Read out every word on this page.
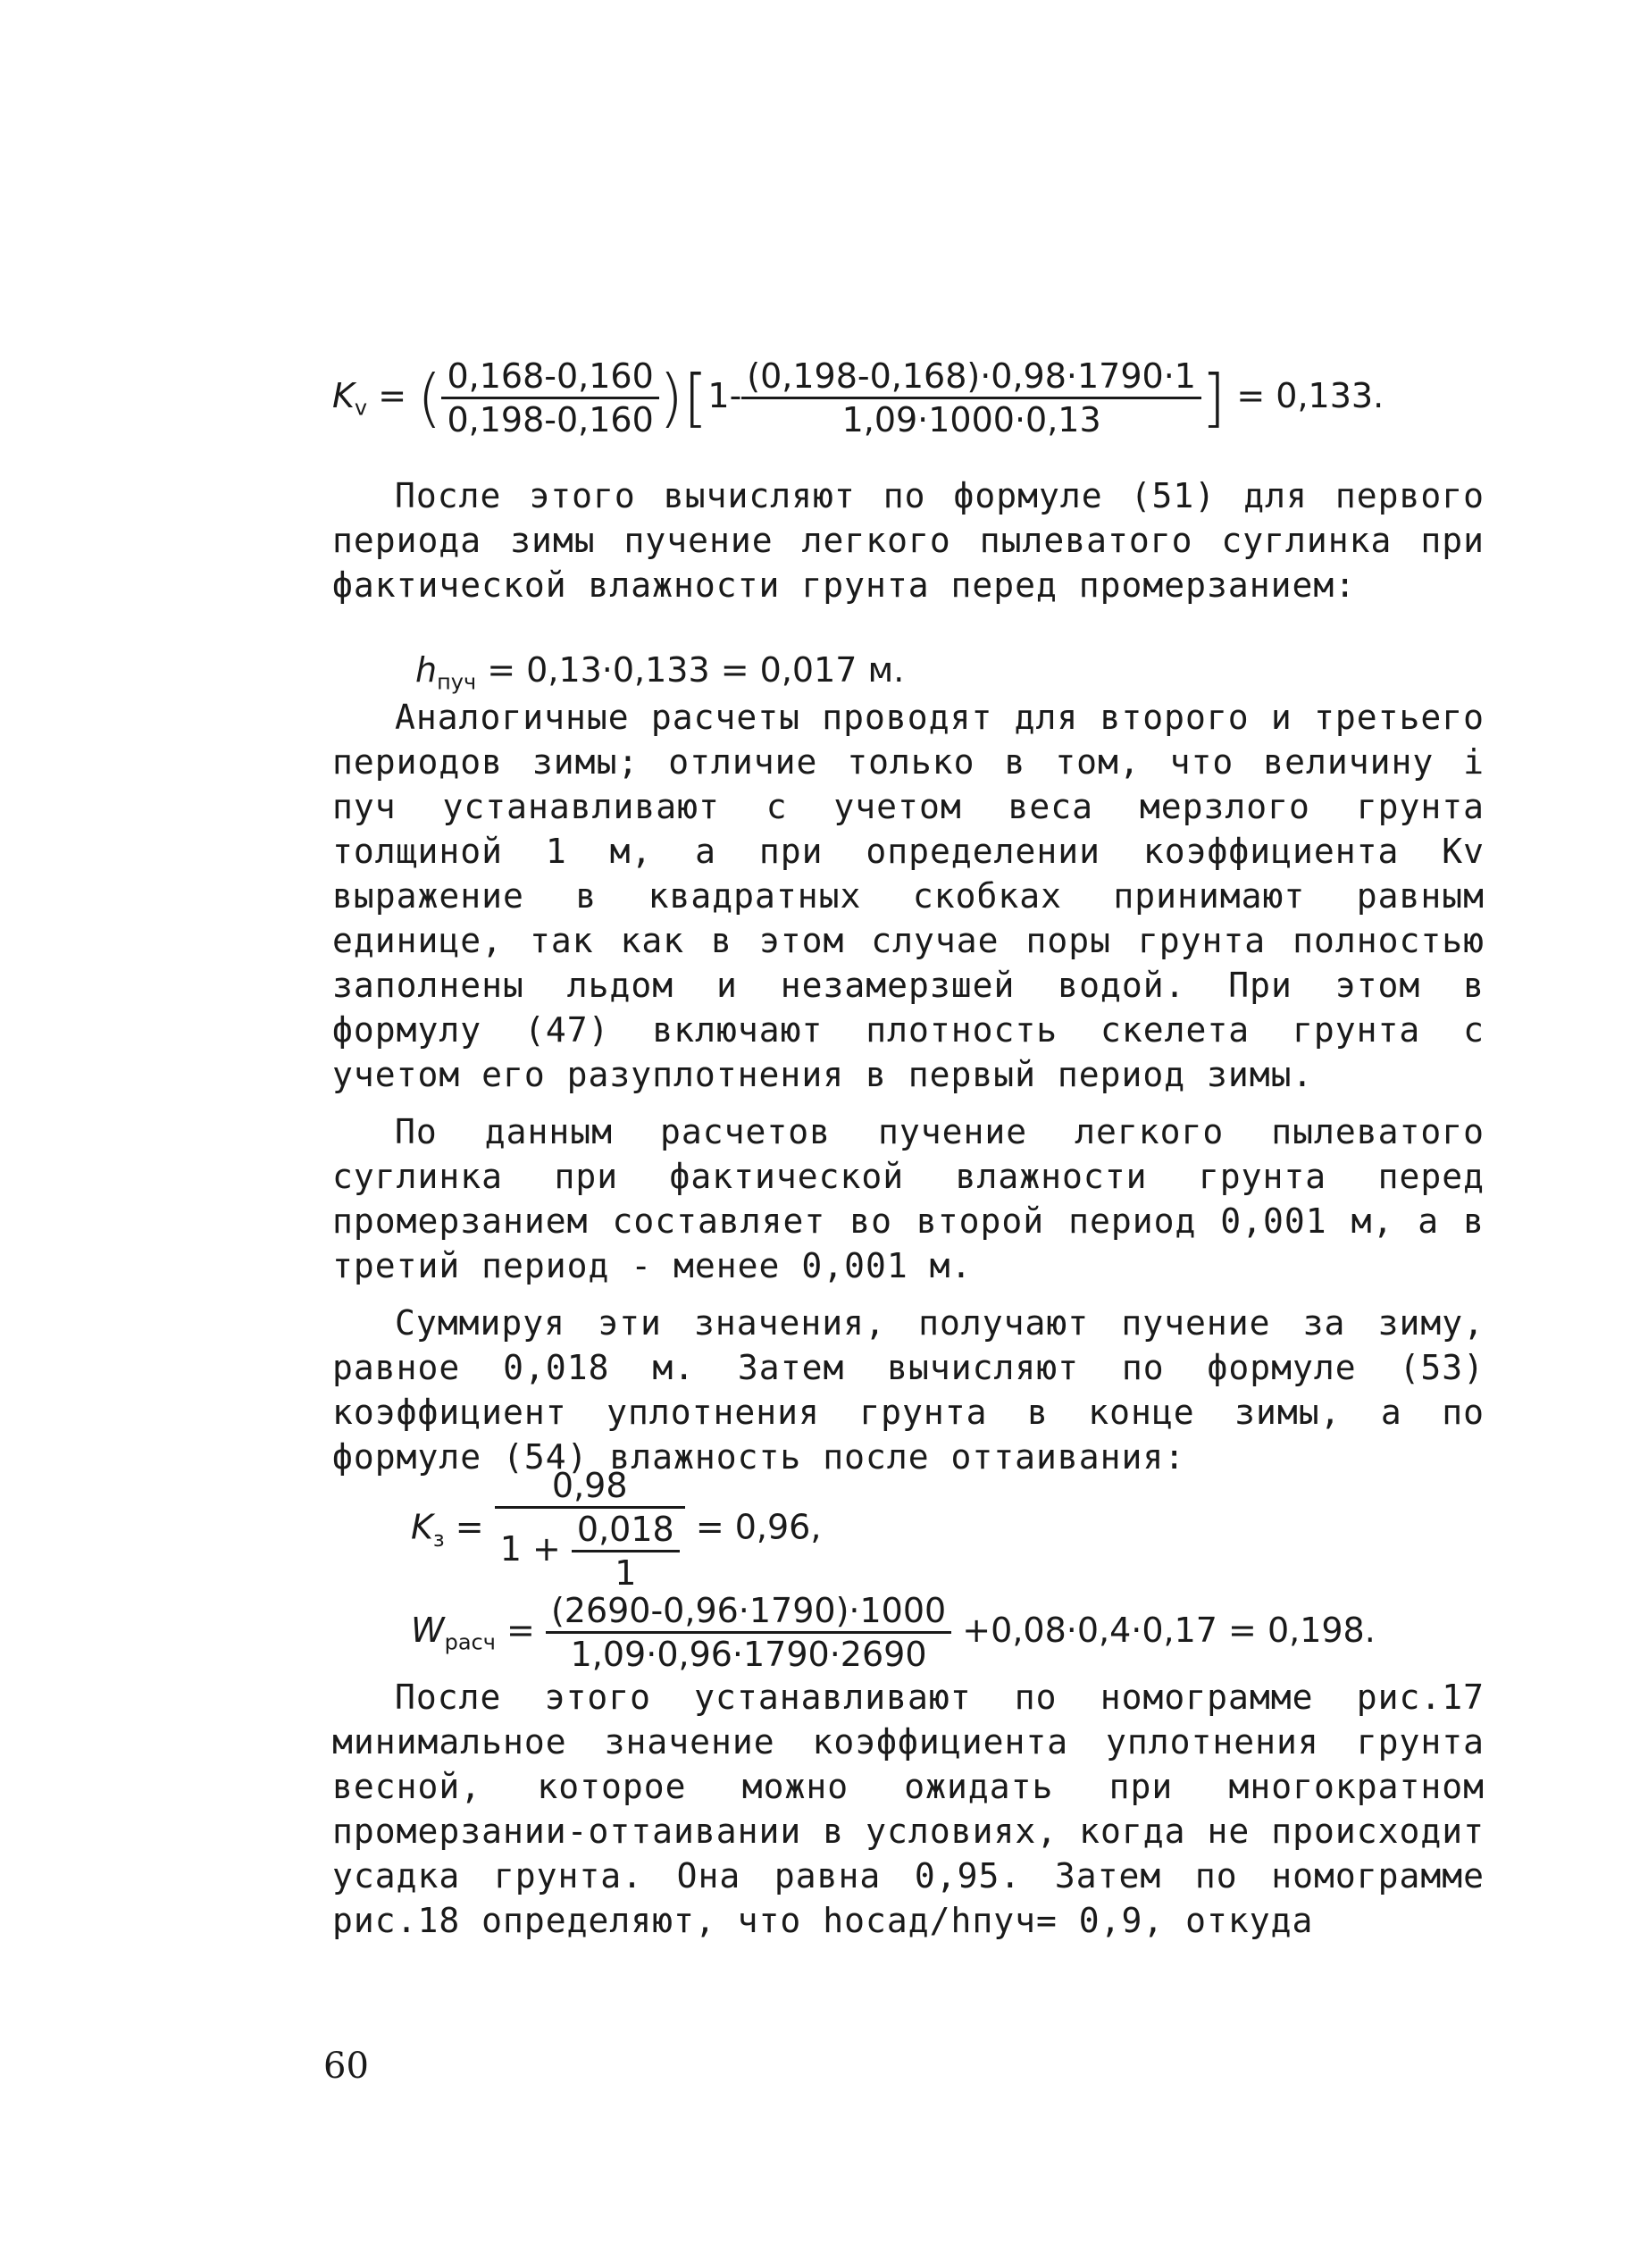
$K_v$ = ( $\frac{0,168-0,160}{0,198-0,160} )[1- \frac{(0,198-0,168)\cdot 0,98\cdot 1790\cdot 1}{1,09\cdot 1000\cdot 0,13}$ ] = 0,133.

После этого вычисляют по формуле (51) для первого периода зимы пучение легкого пылеватого суглинка при фактической влажности грунта перед промерзанием:

$h_{пуч} = 0,13\cdot 0,133 = 0,017$ м.

Аналогичные расчеты проводят для второго и третьего периодов зимы; отличие только в том, что величину i пуч устанавливают с учетом веса мерзлого грунта толщиной 1 м, а при определении коэффициента Kv выражение в квадратных скобках принимают равным единице, так как в этом случае поры грунта полностью заполнены льдом и незамерзшей водой. При этом в формулу (47) включают плотность скелета грунта с учетом его разуплотнения в первый период зимы.

По данным расчетов пучение легкого пылеватого суглинка при фактической влажности грунта перед промерзанием составляет во второй период 0,001 м, а в третий период - менее 0,001 м.

Суммируя эти значения, получают пучение за зиму, равное 0,018 м. Затем вычисляют по формуле (53) коэффициент уплотнения грунта в конце зимы, а по формуле (54) влажность после оттаивания:

$K_з = \frac{0,98}{1 + \frac{0,018}{1}} = 0,96$,
$W_{расч} = \frac{(2690-0,96\cdot 1790)\cdot 1000}{1,09\cdot 0,96\cdot 1790\cdot 2690} +0,08\cdot 0,4\cdot 0,17 = 0,198$.

После этого устанавливают по номограмме рис.17 минимальное значение коэффициента уплотнения грунта весной, которое можно ожидать при многократном промерзании-оттаивании в условиях, когда не происходит усадка грунта. Она равна 0,95. Затем по номограмме рис.18 определяют, что hосад/hпуч= 0,9, откуда

60
